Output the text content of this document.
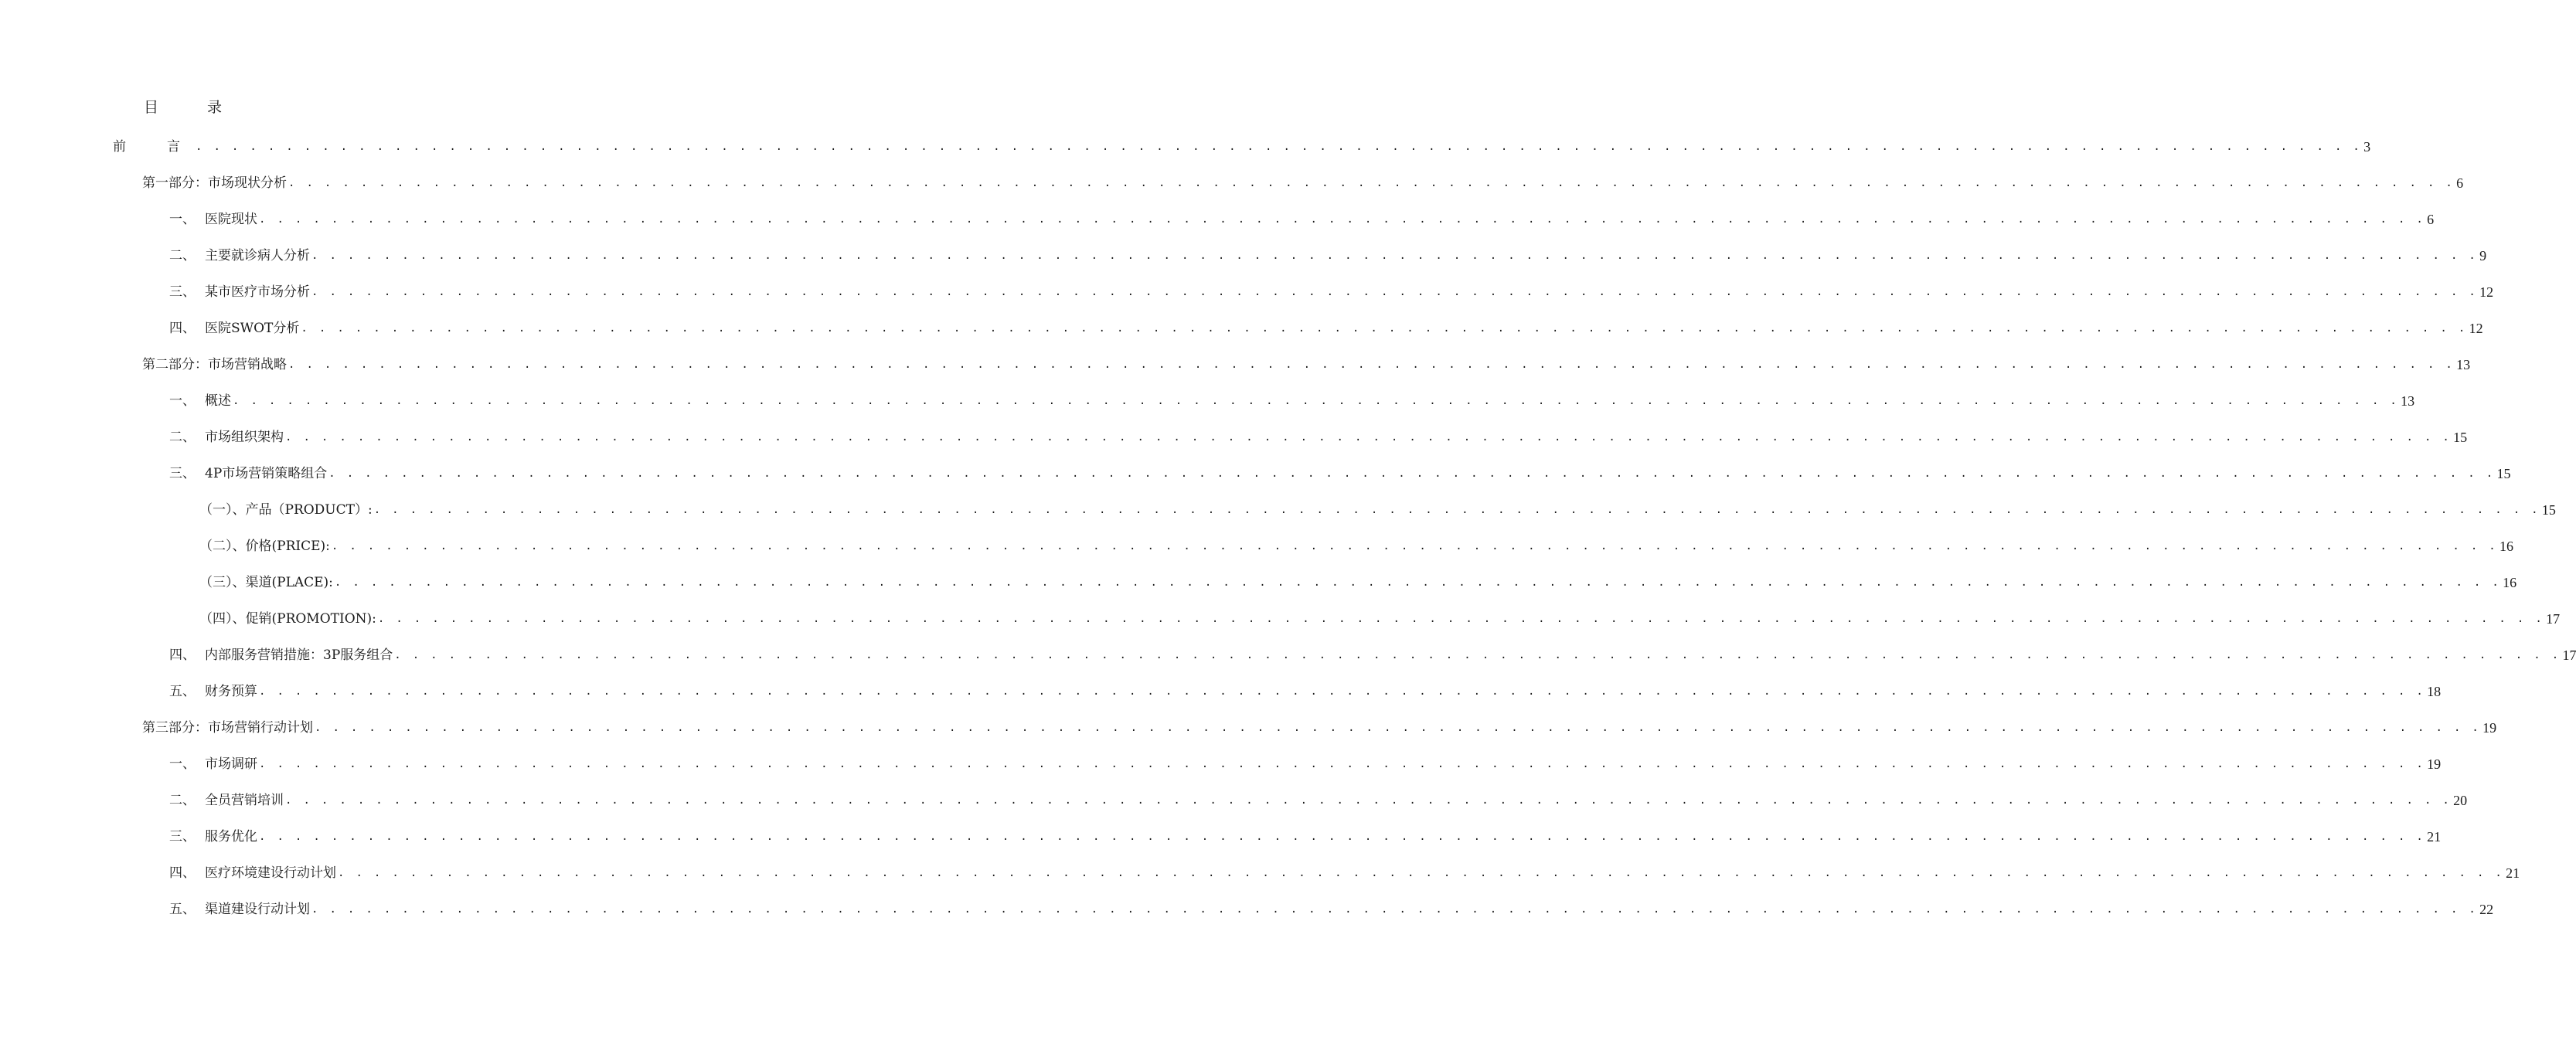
目　录
前　言 . . . . . . . . . . . . . . . . . . . . . . . . . . . . . . . . . . . . . . . . . . . . . . . . . . . . . . . . . . . . . . . . . . . . . . . . . . . . . . . . . . . . . . . . . . . . . . . . . . . . . . . . . . . . . . . . . . . . . . . . 3
第一部分：市场现状分析 . . . . . . . . . . . . . . . . . . . . . . . . . . . . . . . . . . . . . . . . . . . . . . . . . . . . . . . . . . . . . . . . . . . . . . . . . . . . . . . . . . . . . . . . . . . . . . . . . . . . . . . . . . . . . . . . . . . . . . . . 6
一、 医院现状 . . . . . . . . . . . . . . . . . . . . . . . . . . . . . . . . . . . . . . . . . . . . . . . . . . . . . . . . . . . . . . . . . . . . . . . . . . . . . . . . . . . . . . . . . . . . . . . . . . . . . . . . . . . . . . . . . . . . . . . . 6
二、 主要就诊病人分析 . . . . . . . . . . . . . . . . . . . . . . . . . . . . . . . . . . . . . . . . . . . . . . . . . . . . . . . . . . . . . . . . . . . . . . . . . . . . . . . . . . . . . . . . . . . . . . . . . . . . . . . . . . . . . . . . . . . . . . . . 9
三、 某市医疗市场分析 . . . . . . . . . . . . . . . . . . . . . . . . . . . . . . . . . . . . . . . . . . . . . . . . . . . . . . . . . . . . . . . . . . . . . . . . . . . . . . . . . . . . . . . . . . . . . . . . . . . . . . . . . . . . . . . . . . . . . . . . 12
四、 医院SWOT分析 . . . . . . . . . . . . . . . . . . . . . . . . . . . . . . . . . . . . . . . . . . . . . . . . . . . . . . . . . . . . . . . . . . . . . . . . . . . . . . . . . . . . . . . . . . . . . . . . . . . . . . . . . . . . . . . . . . . . . . . . 12
第二部分：市场营销战略 . . . . . . . . . . . . . . . . . . . . . . . . . . . . . . . . . . . . . . . . . . . . . . . . . . . . . . . . . . . . . . . . . . . . . . . . . . . . . . . . . . . . . . . . . . . . . . . . . . . . . . . . . . . . . . . . . . . . . . . . 13
一、 概述 . . . . . . . . . . . . . . . . . . . . . . . . . . . . . . . . . . . . . . . . . . . . . . . . . . . . . . . . . . . . . . . . . . . . . . . . . . . . . . . . . . . . . . . . . . . . . . . . . . . . . . . . . . . . . . . . . . . . . . . . 13
二、 市场组织架构 . . . . . . . . . . . . . . . . . . . . . . . . . . . . . . . . . . . . . . . . . . . . . . . . . . . . . . . . . . . . . . . . . . . . . . . . . . . . . . . . . . . . . . . . . . . . . . . . . . . . . . . . . . . . . . . . . . . . . . . . 15
三、 4P市场营销策略组合 . . . . . . . . . . . . . . . . . . . . . . . . . . . . . . . . . . . . . . . . . . . . . . . . . . . . . . . . . . . . . . . . . . . . . . . . . . . . . . . . . . . . . . . . . . . . . . . . . . . . . . . . . . . . . . . . . . . . . . . . 15
（一）、产品（PRODUCT）: . . . . . . . . . . . . . . . . . . . . . . . . . . . . . . . . . . . . . . . . . . . . . . . . . . . . . . . . . . . . . . . . . . . . . . . . . . . . . . . . . . . . . . . . . . . . . . . . . . . . . . . . . . . . . . . . . . . . . . . . 15
（二）、价格(PRICE): . . . . . . . . . . . . . . . . . . . . . . . . . . . . . . . . . . . . . . . . . . . . . . . . . . . . . . . . . . . . . . . . . . . . . . . . . . . . . . . . . . . . . . . . . . . . . . . . . . . . . . . . . . . . . . . . . . . . . . . . 16
（三）、渠道(PLACE): . . . . . . . . . . . . . . . . . . . . . . . . . . . . . . . . . . . . . . . . . . . . . . . . . . . . . . . . . . . . . . . . . . . . . . . . . . . . . . . . . . . . . . . . . . . . . . . . . . . . . . . . . . . . . . . . . . . . . . . . 16
（四）、促销(PROMOTION): . . . . . . . . . . . . . . . . . . . . . . . . . . . . . . . . . . . . . . . . . . . . . . . . . . . . . . . . . . . . . . . . . . . . . . . . . . . . . . . . . . . . . . . . . . . . . . . . . . . . . . . . . . . . . . . . . . . . . . . . 17
四、 内部服务营销措施：3P服务组合 . . . . . . . . . . . . . . . . . . . . . . . . . . . . . . . . . . . . . . . . . . . . . . . . . . . . . . . . . . . . . . . . . . . . . . . . . . . . . . . . . . . . . . . . . . . . . . . . . . . . . . . . . . . . . . . . . . . . . . . . 17
五、 财务预算 . . . . . . . . . . . . . . . . . . . . . . . . . . . . . . . . . . . . . . . . . . . . . . . . . . . . . . . . . . . . . . . . . . . . . . . . . . . . . . . . . . . . . . . . . . . . . . . . . . . . . . . . . . . . . . . . . . . . . . . . 18
第三部分：市场营销行动计划 . . . . . . . . . . . . . . . . . . . . . . . . . . . . . . . . . . . . . . . . . . . . . . . . . . . . . . . . . . . . . . . . . . . . . . . . . . . . . . . . . . . . . . . . . . . . . . . . . . . . . . . . . . . . . . . . . . . . . . . . 19
一、 市场调研 . . . . . . . . . . . . . . . . . . . . . . . . . . . . . . . . . . . . . . . . . . . . . . . . . . . . . . . . . . . . . . . . . . . . . . . . . . . . . . . . . . . . . . . . . . . . . . . . . . . . . . . . . . . . . . . . . . . . . . . . 19
二、 全员营销培训 . . . . . . . . . . . . . . . . . . . . . . . . . . . . . . . . . . . . . . . . . . . . . . . . . . . . . . . . . . . . . . . . . . . . . . . . . . . . . . . . . . . . . . . . . . . . . . . . . . . . . . . . . . . . . . . . . . . . . . . . 20
三、 服务优化 . . . . . . . . . . . . . . . . . . . . . . . . . . . . . . . . . . . . . . . . . . . . . . . . . . . . . . . . . . . . . . . . . . . . . . . . . . . . . . . . . . . . . . . . . . . . . . . . . . . . . . . . . . . . . . . . . . . . . . . . 21
四、 医疗环境建设行动计划 . . . . . . . . . . . . . . . . . . . . . . . . . . . . . . . . . . . . . . . . . . . . . . . . . . . . . . . . . . . . . . . . . . . . . . . . . . . . . . . . . . . . . . . . . . . . . . . . . . . . . . . . . . . . . . . . . . . . . . . . 21
五、 渠道建设行动计划 . . . . . . . . . . . . . . . . . . . . . . . . . . . . . . . . . . . . . . . . . . . . . . . . . . . . . . . . . . . . . . . . . . . . . . . . . . . . . . . . . . . . . . . . . . . . . . . . . . . . . . . . . . . . . . . . . . . . . . . . 22
